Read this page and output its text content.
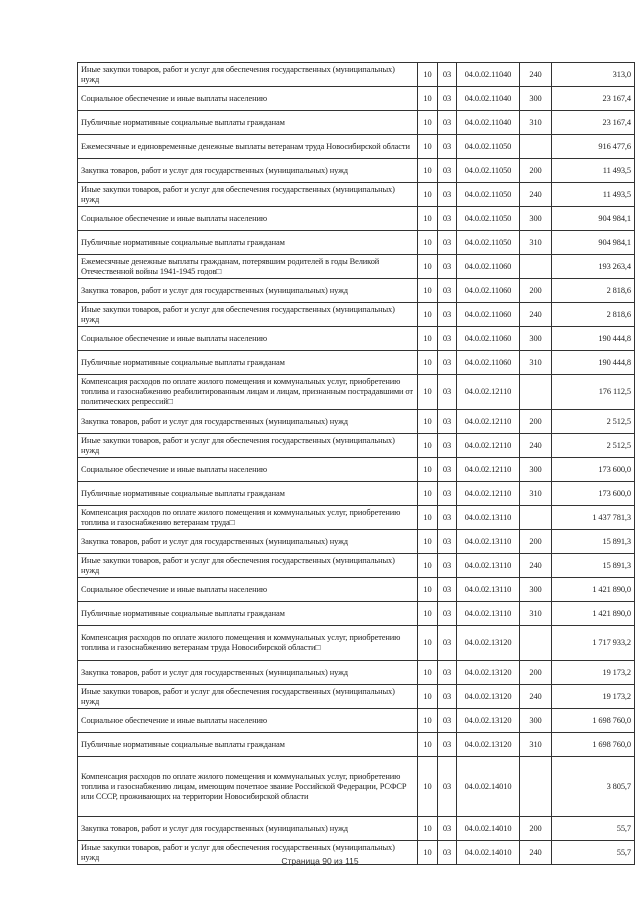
Иные закупки товаров, работ и услуг для обеспечения государственных (муниципальных) нужд	10	03	04.0.02.11040	240	313,0
Социальное обеспечение и иные выплаты населению	10	03	04.0.02.11040	300	23 167,4
Публичные нормативные социальные выплаты гражданам	10	03	04.0.02.11040	310	23 167,4
Ежемесячные и единовременные денежные выплаты ветеранам труда Новосибирской области	10	03	04.0.02.11050		916 477,6
Закупка товаров, работ и услуг для государственных (муниципальных) нужд	10	03	04.0.02.11050	200	11 493,5
Иные закупки товаров, работ и услуг для обеспечения государственных (муниципальных) нужд	10	03	04.0.02.11050	240	11 493,5
Социальное обеспечение и иные выплаты населению	10	03	04.0.02.11050	300	904 984,1
Публичные нормативные социальные выплаты гражданам	10	03	04.0.02.11050	310	904 984,1
Ежемесячные денежные выплаты гражданам, потерявшим родителей в годы Великой Отечественной войны 1941-1945 годов□	10	03	04.0.02.11060		193 263,4
Закупка товаров, работ и услуг для государственных (муниципальных) нужд	10	03	04.0.02.11060	200	2 818,6
Иные закупки товаров, работ и услуг для обеспечения государственных (муниципальных) нужд	10	03	04.0.02.11060	240	2 818,6
Социальное обеспечение и иные выплаты населению	10	03	04.0.02.11060	300	190 444,8
Публичные нормативные социальные выплаты гражданам	10	03	04.0.02.11060	310	190 444,8
Компенсация расходов по оплате жилого помещения и коммунальных услуг, приобретению топлива и газоснабжению реабилитированным лицам и лицам, признанным пострадавшими от политических репрессий□	10	03	04.0.02.12110		176 112,5
Закупка товаров, работ и услуг для государственных (муниципальных) нужд	10	03	04.0.02.12110	200	2 512,5
Иные закупки товаров, работ и услуг для обеспечения государственных (муниципальных) нужд	10	03	04.0.02.12110	240	2 512,5
Социальное обеспечение и иные выплаты населению	10	03	04.0.02.12110	300	173 600,0
Публичные нормативные социальные выплаты гражданам	10	03	04.0.02.12110	310	173 600,0
Компенсация расходов по оплате жилого помещения и коммунальных услуг, приобретению топлива и газоснабжению ветеранам труда□	10	03	04.0.02.13110		1 437 781,3
Закупка товаров, работ и услуг для государственных (муниципальных) нужд	10	03	04.0.02.13110	200	15 891,3
Иные закупки товаров, работ и услуг для обеспечения государственных (муниципальных) нужд	10	03	04.0.02.13110	240	15 891,3
Социальное обеспечение и иные выплаты населению	10	03	04.0.02.13110	300	1 421 890,0
Публичные нормативные социальные выплаты гражданам	10	03	04.0.02.13110	310	1 421 890,0
Компенсация расходов по оплате жилого помещения и коммунальных услуг, приобретению топлива и газоснабжению ветеранам труда Новосибирской области□	10	03	04.0.02.13120		1 717 933,2
Закупка товаров, работ и услуг для государственных (муниципальных) нужд	10	03	04.0.02.13120	200	19 173,2
Иные закупки товаров, работ и услуг для обеспечения государственных (муниципальных) нужд	10	03	04.0.02.13120	240	19 173,2
Социальное обеспечение и иные выплаты населению	10	03	04.0.02.13120	300	1 698 760,0
Публичные нормативные социальные выплаты гражданам	10	03	04.0.02.13120	310	1 698 760,0
Компенсация расходов по оплате жилого помещения и коммунальных услуг, приобретению топлива и газоснабжению лицам, имеющим почетное звание Российской Федерации, РСФСР или СССР, проживающих на территории Новосибирской области	10	03	04.0.02.14010		3 805,7
Закупка товаров, работ и услуг для государственных (муниципальных) нужд	10	03	04.0.02.14010	200	55,7
Иные закупки товаров, работ и услуг для обеспечения государственных (муниципальных) нужд	10	03	04.0.02.14010	240	55,7
Страница 90 из 115
